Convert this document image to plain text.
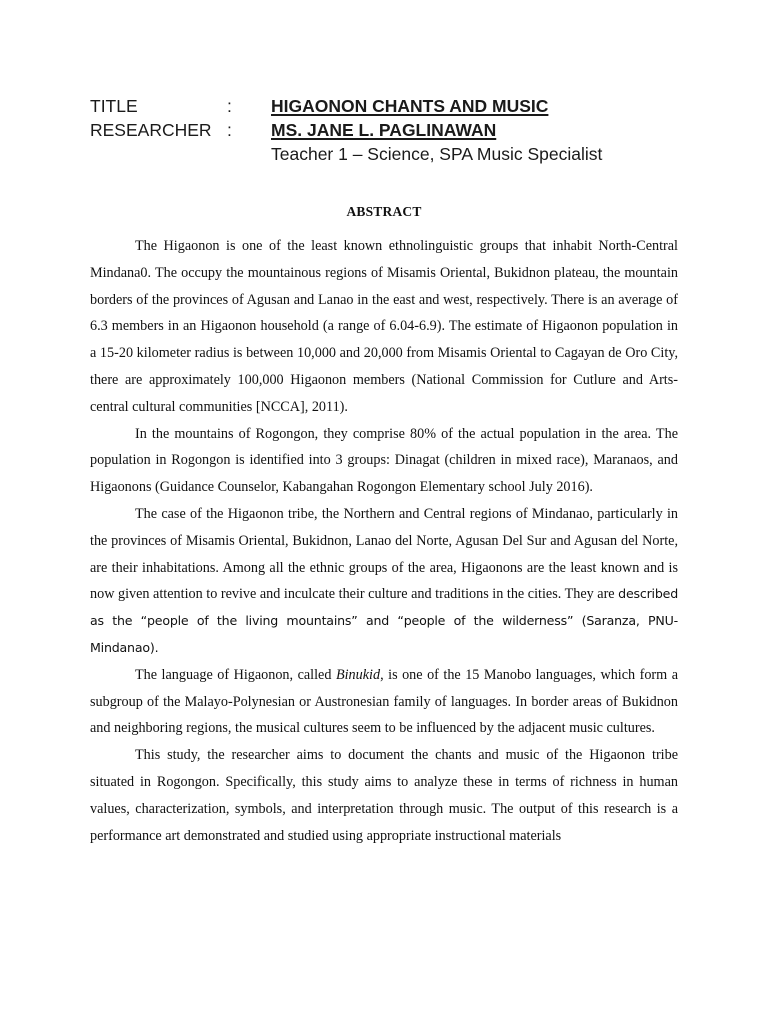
TITLE	:	HIGAONON CHANTS AND MUSIC
RESEARCHER :	MS. JANE L. PAGLINAWAN
Teacher 1 – Science, SPA Music Specialist
ABSTRACT

The Higaonon is one of the least known ethnolinguistic groups that inhabit North-Central Mindana0. The occupy the mountainous regions of Misamis Oriental, Bukidnon plateau, the mountain borders of the provinces of Agusan and Lanao in the east and west, respectively. There is an average of 6.3 members in an Higaonon household (a range of 6.04-6.9). The estimate of Higaonon population in a 15-20 kilometer radius is between 10,000 and 20,000 from Misamis Oriental to Cagayan de Oro City, there are approximately 100,000 Higaonon members (National Commission for Cutlure and Arts-central cultural communities [NCCA], 2011).

In the mountains of Rogongon, they comprise 80% of the actual population in the area. The population in Rogongon is identified into 3 groups: Dinagat (children in mixed race), Maranaos, and Higaonons (Guidance Counselor, Kabangahan Rogongon Elementary school July 2016).

The case of the Higaonon tribe, the Northern and Central regions of Mindanao, particularly in the provinces of Misamis Oriental, Bukidnon, Lanao del Norte, Agusan Del Sur and Agusan del Norte, are their inhabitations. Among all the ethnic groups of the area, Higaonons are the least known and is now given attention to revive and inculcate their culture and traditions in the cities. They are described as the “people of the living mountains” and “people of the wilderness” (Saranza, PNU-Mindanao).

The language of Higaonon, called Binukid, is one of the 15 Manobo languages, which form a subgroup of the Malayo-Polynesian or Austronesian family of languages. In border areas of Bukidnon and neighboring regions, the musical cultures seem to be influenced by the adjacent music cultures.

This study, the researcher aims to document the chants and music of the Higaonon tribe situated in Rogongon. Specifically, this study aims to analyze these in terms of richness in human values, characterization, symbols, and interpretation through music. The output of this research is a performance art demonstrated and studied using appropriate instructional materials
